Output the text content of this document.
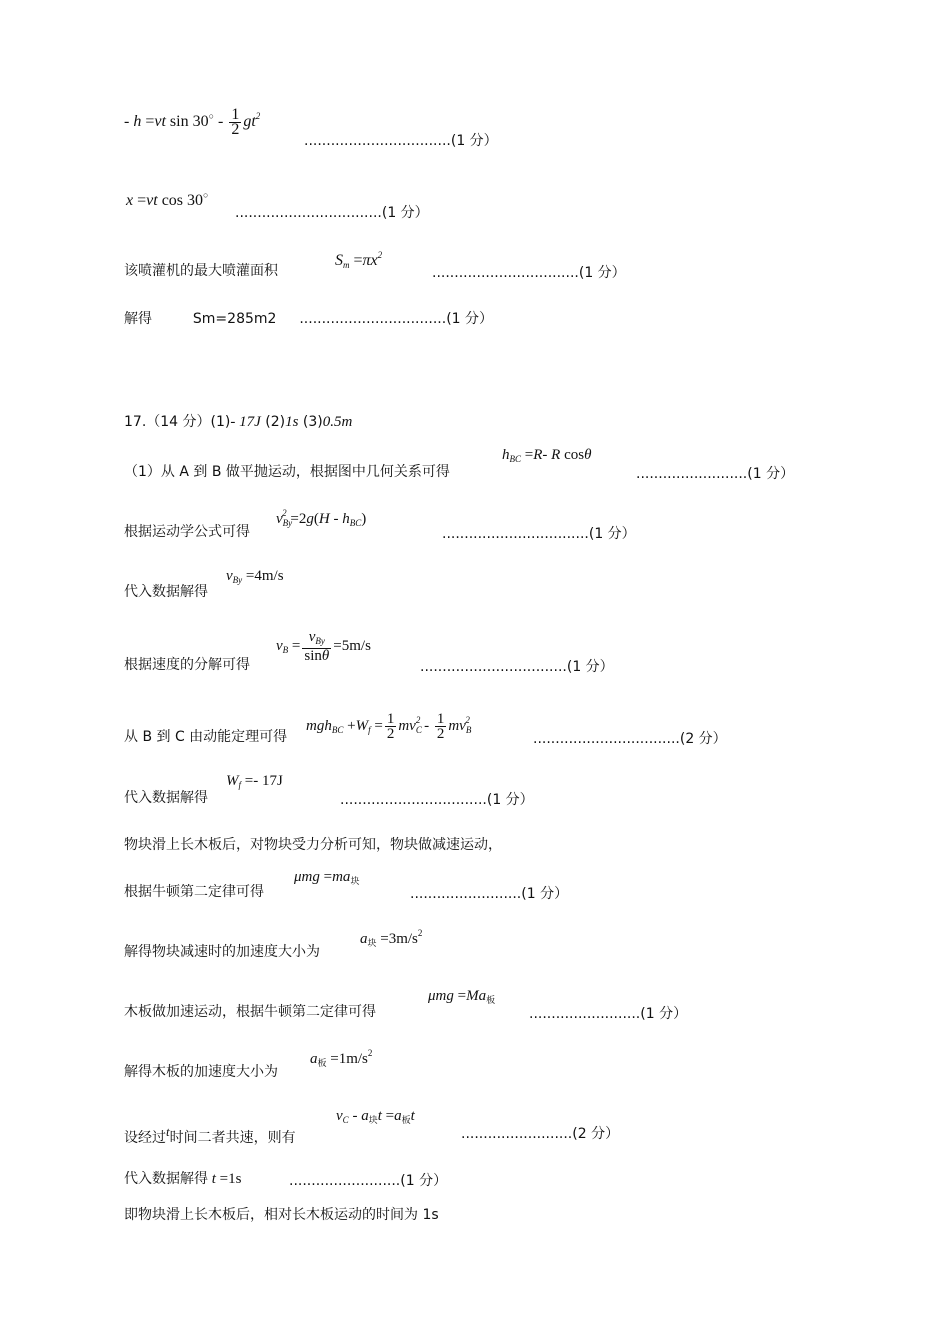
- h =vt $\sin 30^○ - \frac{1}{2} gt^2$
.................................(1 分）
x =vt cos 30○
.................................(1 分）
该喷灌机的最大喷灌面积
$S_m =\pi x^2$
.................................(1 分）
解得	Sm=285m2 .................................(1 分）
17.（14 分）(1)- 17J (2)1s (3)0.5m
（1）从 A 到 B 做平抛运动，根据图中几何关系可得
$h_{BC} =R-$ R cosθ
.........................(1 分）
根据运动学公式可得
$v_{By}^2 =2g(H - h_{BC})$
.................................(1 分）
代入数据解得
$v_{By} =4m/s$
根据速度的分解可得
$v_B = \frac{v_{By}}{\sin\theta} =5m/s$
.................................(1 分）
从 B 到 C 由动能定理可得
$mgh_{BC} +W_f = \frac{1}{2} mv_C^2 - \frac{1}{2} mv_B^2$
.................................(2 分）
代入数据解得
$W_f =- 17J$
.................................(1 分）
物块滑上长木板后，对物块受力分析可知，物块做减速运动，
根据牛顿第二定律可得
$\mu mg =ma_块$
.........................(1 分）
解得物块减速时的加速度大小为
$a_块 =3m/s^2$
木板做加速运动，根据牛顿第二定律可得
$\mu mg =Ma_板$
.........................(1 分）
解得木板的加速度大小为
$a_板 =1m/s^2$
设经过t时间二者共速，则有
$v_C - a_块t =a_板t$
.........................(2 分）
代入数据解得 t =1s	.........................(1 分）
即物块滑上长木板后，相对长木板运动的时间为 1s
